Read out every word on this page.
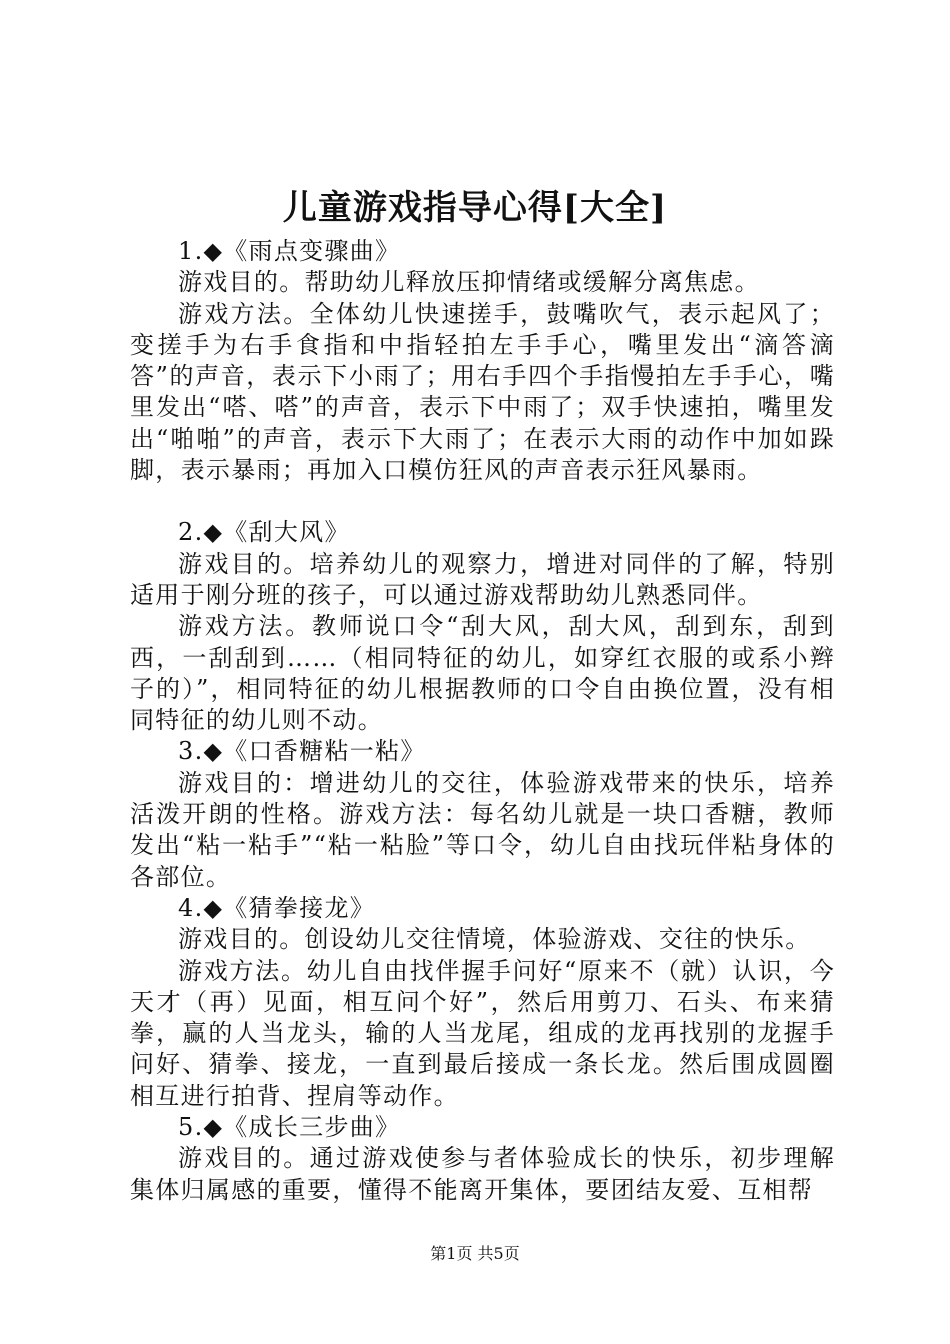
儿童游戏指导心得[大全]

1.◆《雨点变骤曲》

游戏目的。帮助幼儿释放压抑情绪或缓解分离焦虑。

游戏方法。全体幼儿快速搓手，鼓嘴吹气，表示起风了；变搓手为右手食指和中指轻拍左手手心，嘴里发出“滴答滴答”的声音，表示下小雨了；用右手四个手指慢拍左手手心，嘴里发出“嗒、嗒”的声音，表示下中雨了；双手快速拍，嘴里发出“啪啪”的声音，表示下大雨了；在表示大雨的动作中加如跺脚，表示暴雨；再加入口模仿狂风的声音表示狂风暴雨。

2.◆《刮大风》

游戏目的。培养幼儿的观察力，增进对同伴的了解，特别适用于刚分班的孩子，可以通过游戏帮助幼儿熟悉同伴。

游戏方法。教师说口令“刮大风，刮大风，刮到东，刮到西，一刮刮到……（相同特征的幼儿，如穿红衣服的或系小辫子的）”，相同特征的幼儿根据教师的口令自由换位置，没有相同特征的幼儿则不动。

3.◆《口香糖粘一粘》

游戏目的：增进幼儿的交往，体验游戏带来的快乐，培养活泼开朗的性格。游戏方法：每名幼儿就是一块口香糖，教师发出“粘一粘手”“粘一粘脸”等口令，幼儿自由找玩伴粘身体的各部位。

4.◆《猜拳接龙》

游戏目的。创设幼儿交往情境，体验游戏、交往的快乐。

游戏方法。幼儿自由找伴握手问好“原来不（就）认识，今天才（再）见面，相互问个好”，然后用剪刀、石头、布来猜拳，赢的人当龙头，输的人当龙尾，组成的龙再找别的龙握手问好、猜拳、接龙，一直到最后接成一条长龙。然后围成圆圈相互进行拍背、捏肩等动作。

5.◆《成长三步曲》

游戏目的。通过游戏使参与者体验成长的快乐，初步理解集体归属感的重要，懂得不能离开集体，要团结友爱、互相帮

第1页 共5页
